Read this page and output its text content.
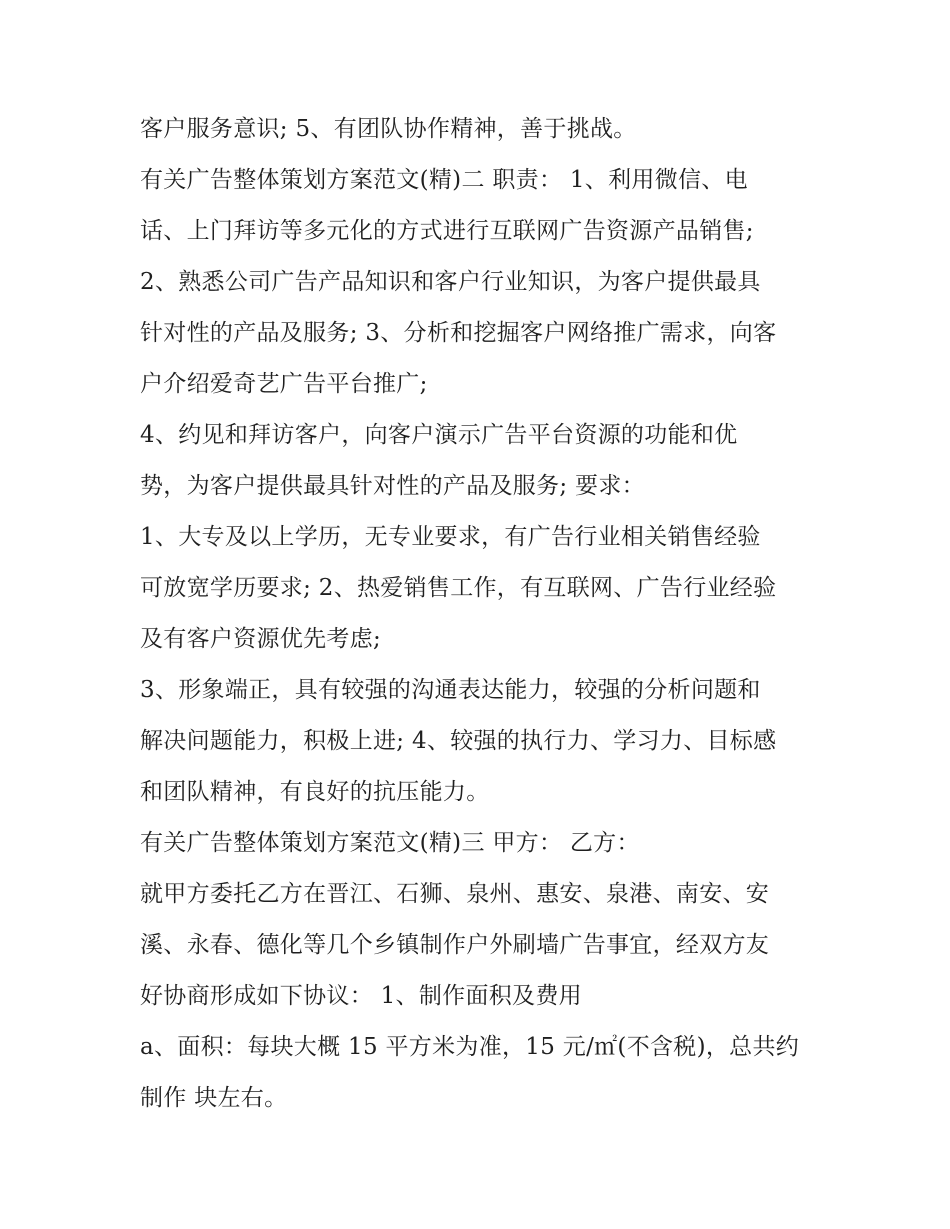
客户服务意识; 5、有团队协作精神，善于挑战。
有关广告整体策划方案范文(精)二 职责： 1、利用微信、电
话、上门拜访等多元化的方式进行互联网广告资源产品销售;
2、熟悉公司广告产品知识和客户行业知识，为客户提供最具
针对性的产品及服务; 3、分析和挖掘客户网络推广需求，向客
户介绍爱奇艺广告平台推广;
4、约见和拜访客户，向客户演示广告平台资源的功能和优
势，为客户提供最具针对性的产品及服务; 要求：
1、大专及以上学历，无专业要求，有广告行业相关销售经验
可放宽学历要求; 2、热爱销售工作，有互联网、广告行业经验
及有客户资源优先考虑;
3、形象端正，具有较强的沟通表达能力，较强的分析问题和
解决问题能力，积极上进; 4、较强的执行力、学习力、目标感
和团队精神，有良好的抗压能力。
有关广告整体策划方案范文(精)三 甲方： 乙方：
就甲方委托乙方在晋江、石狮、泉州、惠安、泉港、南安、安
溪、永春、德化等几个乡镇制作户外刷墙广告事宜，经双方友
好协商形成如下协议： 1、制作面积及费用
a、面积：每块大概 15 平方米为准，15 元/㎡(不含税)，总共约
制作 块左右。
